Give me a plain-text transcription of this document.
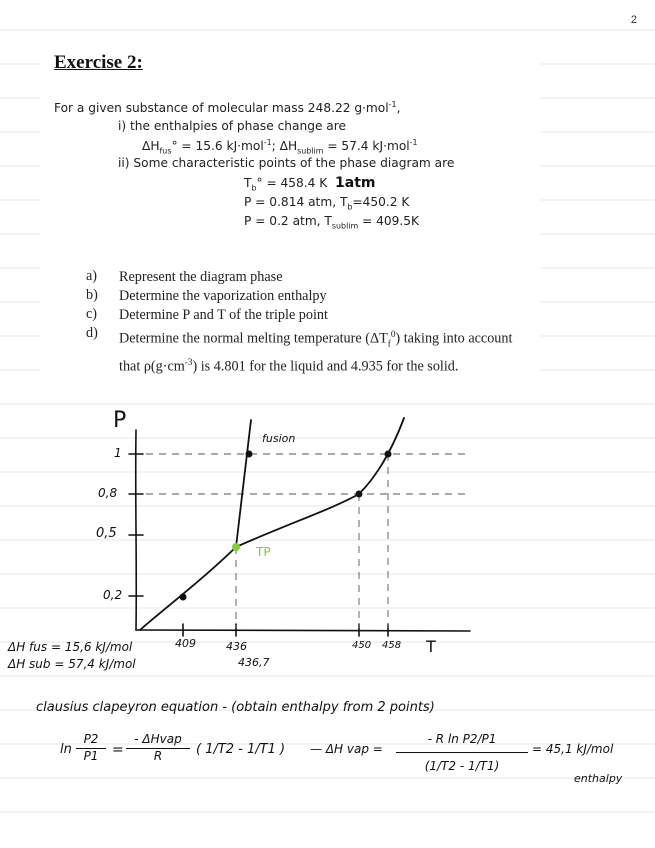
2
Exercise 2:
For a given substance of molecular mass 248.22 g·mol$^{-1}$,
i) the enthalpies of phase change are
$\Delta H_{fus}^\circ = 15.6$ kJ·mol$^{-1}$; $\Delta H_{sublim} = 57.4$ kJ·mol$^{-1}$
ii) Some characteristic points of the phase diagram are
$T_b^\circ = 458.4$ K 1atm
P = 0.814 atm, $T_b=450.2$ K
P = 0.2 atm, $T_{sublim} = 409.5K$
a) Represent the diagram phase
b) Determine the vaporization enthalpy
c) Determine P and T of the triple point
d) Determine the normal melting temperature $(\Delta T_f^0)$ taking into account that $\rho(g\cdot cm^{-3})$ is 4.801 for the liquid and 4.935 for the solid.
P
T
1
0,8
0,5
0,2
409	436	450 458
436,7
fusion
TP
ΔH fus = 15,6 kJ/mol
ΔH sub = 57,4 kJ/mol
clausius clapeyron equation - (obtain enthalpy from 2 points)
ln
P2
P1 =
- ΔHvap
R	( 1/T2 - 1/T1 ) — ΔH vap =
- R ln P2/P1
(1/T2 - 1/T1)
= 45,1 kJ/mol
enthalpy
